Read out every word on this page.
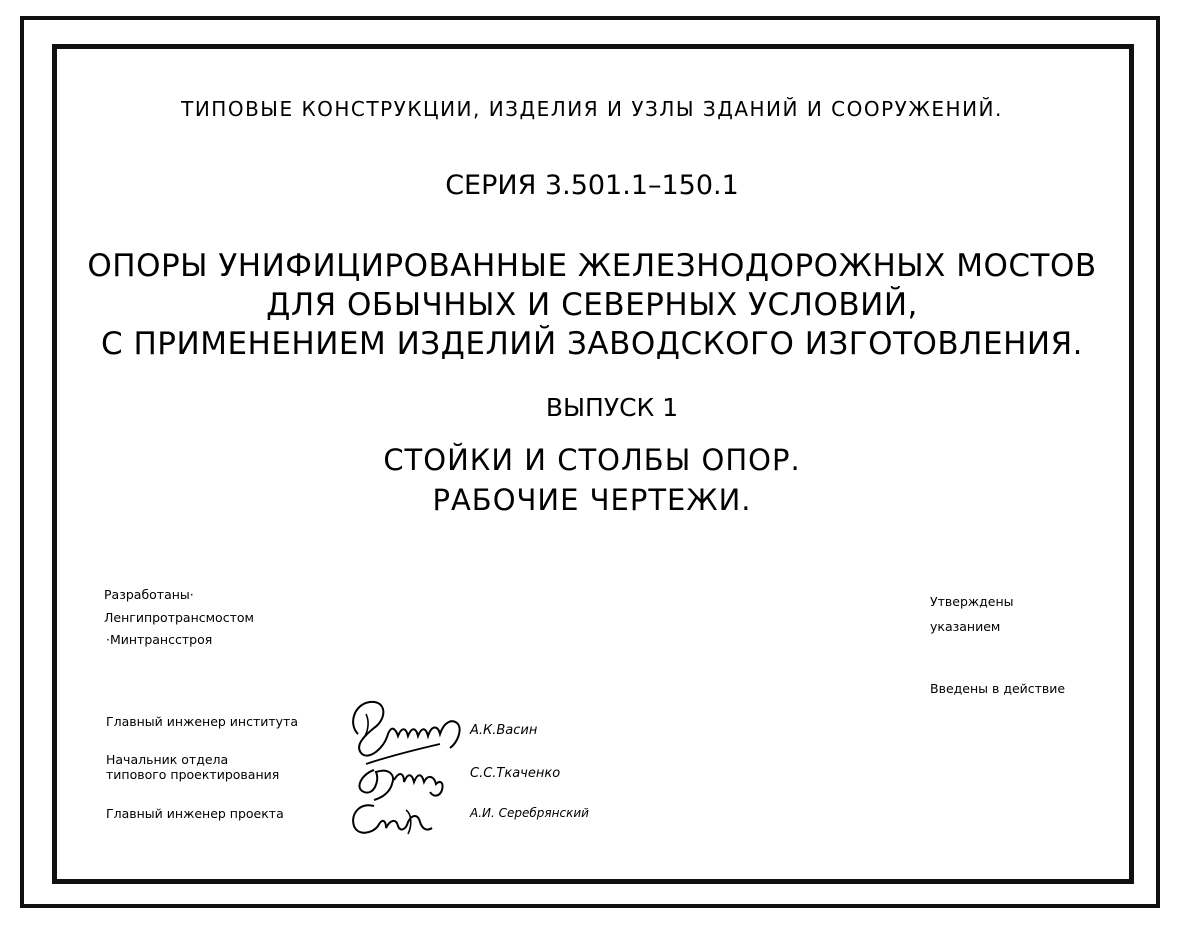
ТИПОВЫЕ КОНСТРУКЦИИ, ИЗДЕЛИЯ И УЗЛЫ ЗДАНИЙ И СООРУЖЕНИЙ.
СЕРИЯ 3.501.1–150.1
ОПОРЫ УНИФИЦИРОВАННЫЕ ЖЕЛЕЗНОДОРОЖНЫХ МОСТОВ
ДЛЯ ОБЫЧНЫХ И СЕВЕРНЫХ УСЛОВИЙ,
С ПРИМЕНЕНИЕМ ИЗДЕЛИЙ ЗАВОДСКОГО ИЗГОТОВЛЕНИЯ.
ВЫПУСК 1
СТОЙКИ И СТОЛБЫ ОПОР.
РАБОЧИЕ ЧЕРТЕЖИ.
Разработаны·
Ленгипротрансмостом
·Минтрансстроя
Утверждены
указанием
Введены в действие
Главный инженер института
Начальник отдела
типового проектирования
Главный инженер проекта
А.К.Васин
С.С.Ткаченко
А.И. Серебрянский
